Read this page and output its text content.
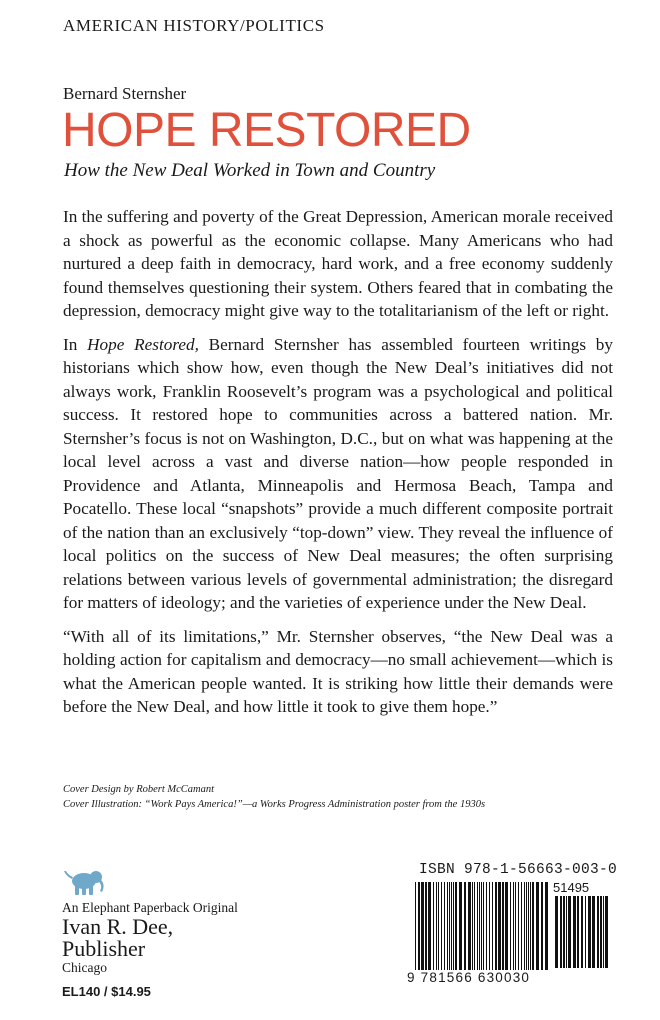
AMERICAN HISTORY/POLITICS
Bernard Sternsher
HOPE RESTORED
How the New Deal Worked in Town and Country

In the suffering and poverty of the Great Depression, American morale received a shock as powerful as the economic collapse. Many Americans who had nurtured a deep faith in democracy, hard work, and a free economy suddenly found themselves questioning their system. Others feared that in combating the depression, democracy might give way to the totalitarianism of the left or right.

In Hope Restored, Bernard Sternsher has assembled fourteen writings by historians which show how, even though the New Deal’s initiatives did not always work, Franklin Roosevelt’s program was a psychological and political success. It restored hope to communities across a battered nation. Mr. Sternsher’s focus is not on Washington, D.C., but on what was happening at the local level across a vast and diverse nation—how people responded in Providence and Atlanta, Minneapolis and Hermosa Beach, Tampa and Pocatello. These local “snapshots” provide a much different composite portrait of the nation than an exclusively “top-down” view. They reveal the influence of local politics on the success of New Deal measures; the often surprising relations between various levels of governmental administration; the disregard for matters of ideology; and the varieties of experience under the New Deal.

“With all of its limitations,” Mr. Sternsher observes, “the New Deal was a holding action for capitalism and democracy—no small achievement—which is what the American people wanted. It is striking how little their demands were before the New Deal, and how little it took to give them hope.”

Cover Design by Robert McCamant
Cover Illustration: “Work Pays America!”—a Works Progress Administration poster from the 1930s
An Elephant Paperback Original
Ivan R. Dee,
Publisher
Chicago
EL140 / $14.95
ISBN 978-1-56663-003-0
51495
9 781566 630030
